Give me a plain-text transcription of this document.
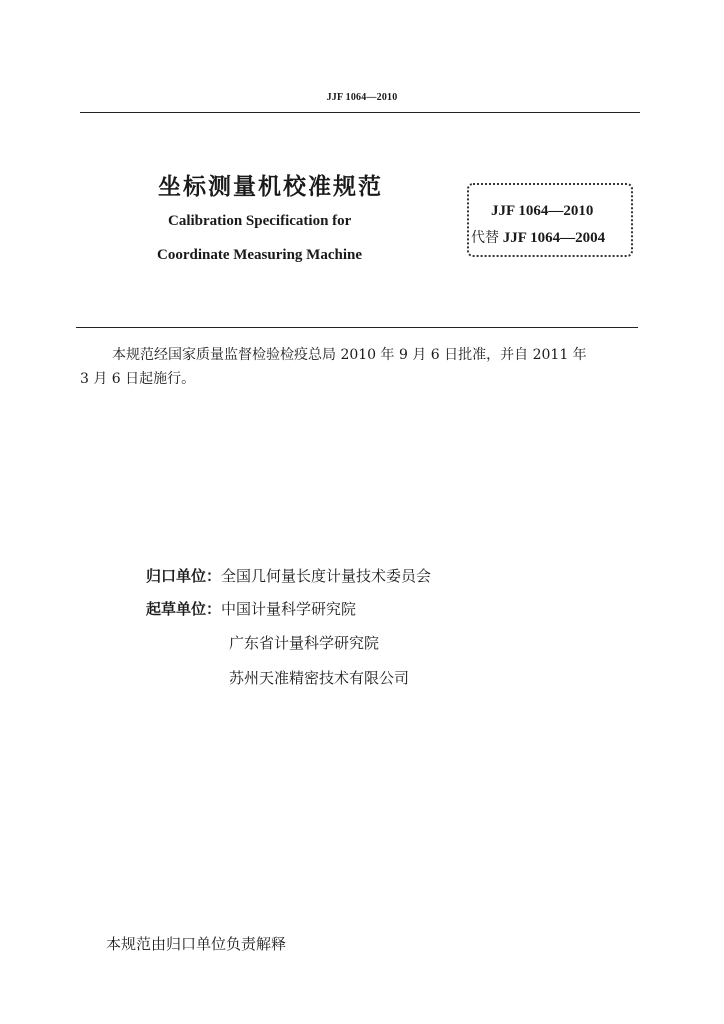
JJF 1064—2010
坐标测量机校准规范
Calibration Specification for
Coordinate Measuring Machine
JJF 1064—2010
代替 JJF 1064—2004
本规范经国家质量监督检验检疫总局 2010 年 9 月 6 日批准，并自 2011 年
3 月 6 日起施行。
归口单位：全国几何量长度计量技术委员会
起草单位：中国计量科学研究院
广东省计量科学研究院
苏州天准精密技术有限公司
本规范由归口单位负责解释
